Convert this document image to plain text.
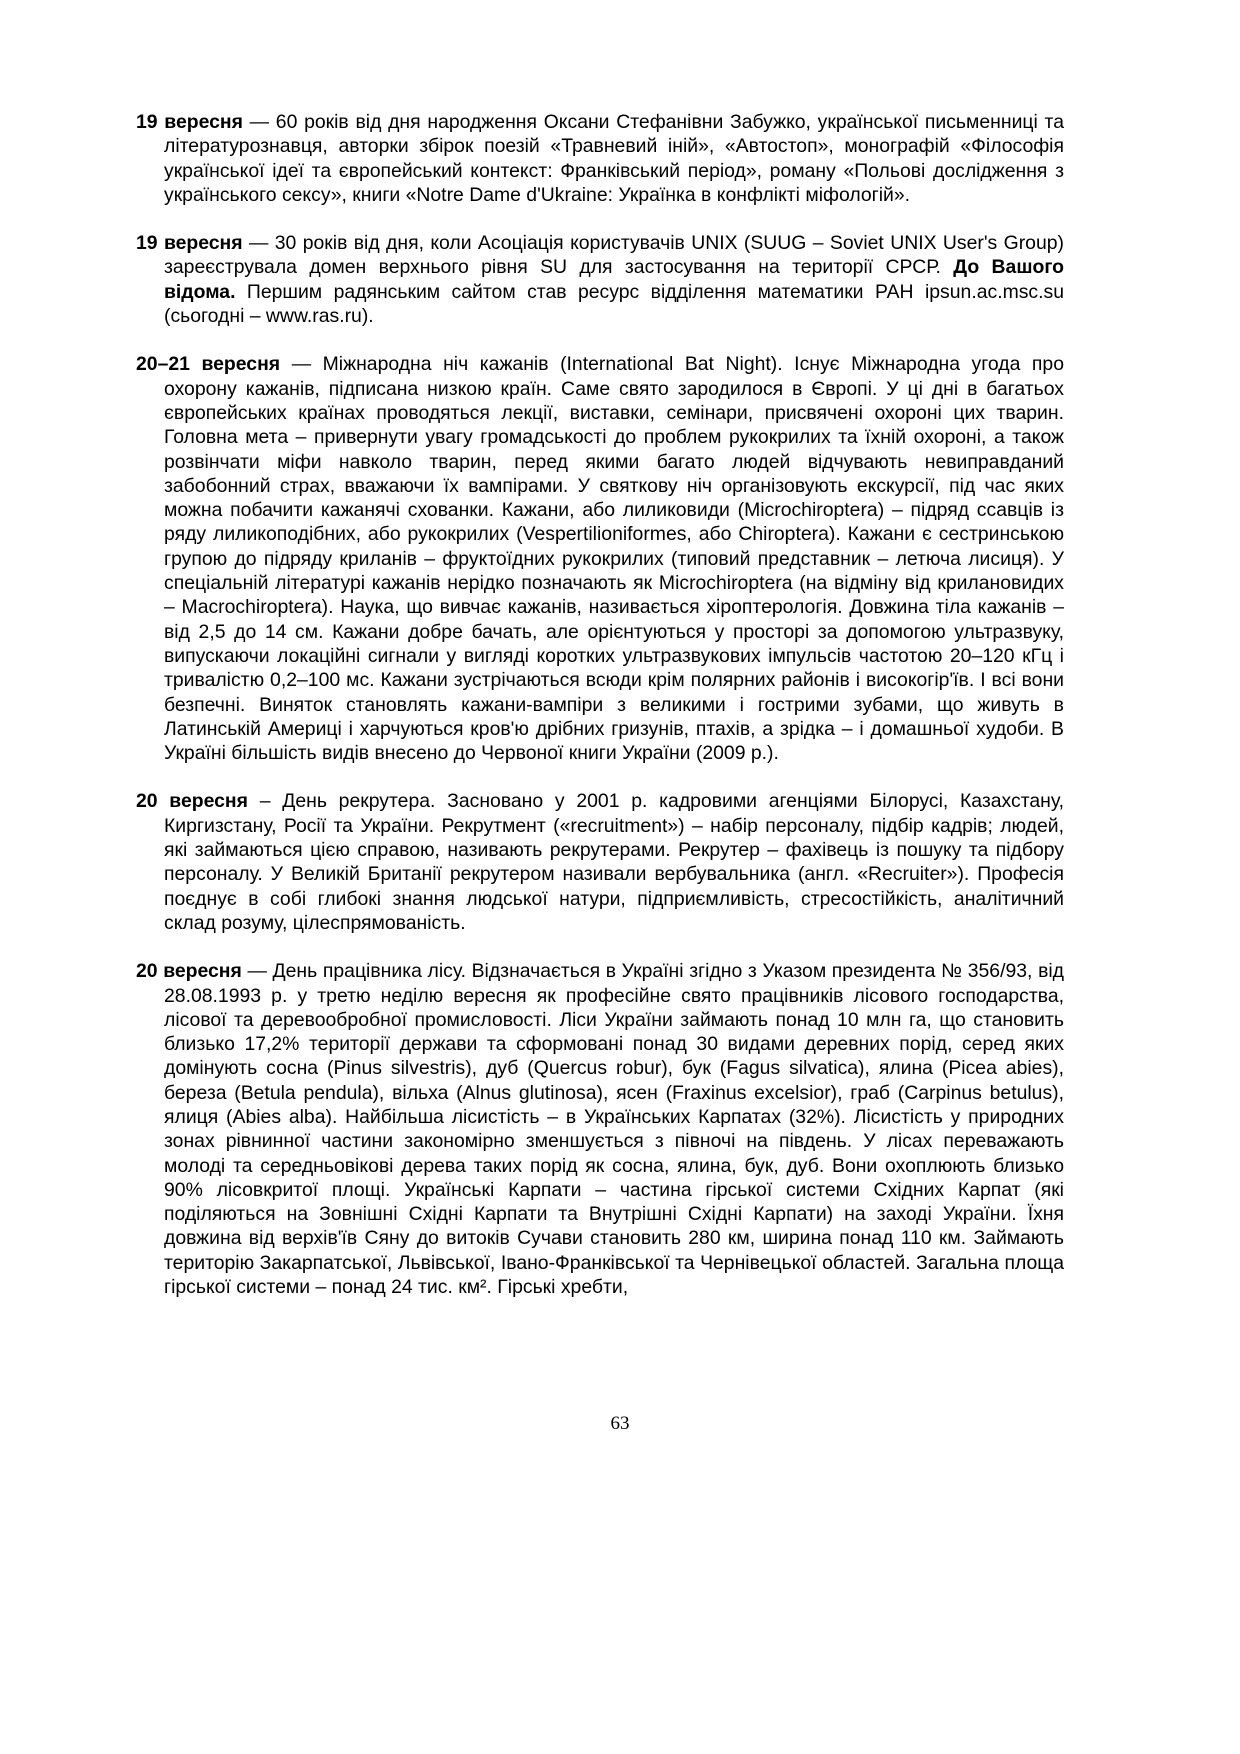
19 вересня — 60 років від дня народження Оксани Стефанівни Забужко, української письменниці та літературознавця, авторки збірок поезій «Травневий іній», «Автостоп», монографій «Філософія української ідеї та європейський контекст: Франківський період», роману «Польові дослідження з українського сексу», книги «Notre Dame d'Ukraine: Українка в конфлікті міфологій».

19 вересня — 30 років від дня, коли Асоціація користувачів UNIX (SUUG – Soviet UNIX User's Group) зареєструвала домен верхнього рівня SU для застосування на території СРСР. До Вашого відома. Першим радянським сайтом став ресурс відділення математики РАН ipsun.ac.msc.su (сьогодні – www.ras.ru).

20–21 вересня — Міжнародна ніч кажанів (International Bat Night). Існує Міжнародна угода про охорону кажанів, підписана низкою країн. Саме свято зародилося в Європі. У ці дні в багатьох європейських країнах проводяться лекції, виставки, семінари, присвячені охороні цих тварин. Головна мета – привернути увагу громадськості до проблем рукокрилих та їхній охороні, а також розвінчати міфи навколо тварин, перед якими багато людей відчувають невиправданий забобонний страх, вважаючи їх вампірами. У святкову ніч організовують екскурсії, під час яких можна побачити кажанячі схованки. Кажани, або лиликовиди (Microchiroptera) – підряд ссавців із ряду лиликоподібних, або рукокрилих (Vespertilioniformes, або Chiroptera). Кажани є сестринською групою до підряду криланів – фруктоїдних рукокрилих (типовий представник – летюча лисиця). У спеціальній літературі кажанів нерідко позначають як Microchiroptera (на відміну від крилановидих – Macrochiroptera). Наука, що вивчає кажанів, називається хіроптерологія. Довжина тіла кажанів – від 2,5 до 14 см. Кажани добре бачать, але орієнтуються у просторі за допомогою ультразвуку, випускаючи локаційні сигнали у вигляді коротких ультразвукових імпульсів частотою 20–120 кГц і тривалістю 0,2–100 мс. Кажани зустрічаються всюди крім полярних районів і високогір'їв. І всі вони безпечні. Виняток становлять кажани-вампіри з великими і гострими зубами, що живуть в Латинській Америці і харчуються кров'ю дрібних гризунів, птахів, а зрідка – і домашньої худоби. В Україні більшість видів внесено до Червоної книги України (2009 р.).

20 вересня – День рекрутера. Засновано у 2001 р. кадровими агенціями Білорусі, Казахстану, Киргизстану, Росії та України. Рекрутмент («recruitment») – набір персоналу, підбір кадрів; людей, які займаються цією справою, називають рекрутерами. Рекрутер – фахівець із пошуку та підбору персоналу. У Великій Британії рекрутером називали вербувальника (англ. «Recruiter»). Професія поєднує в собі глибокі знання людської натури, підприємливість, стресостійкість, аналітичний склад розуму, цілеспрямованість.

20 вересня — День працівника лісу. Відзначається в Україні згідно з Указом президента № 356/93, від 28.08.1993 р. у третю неділю вересня як професійне свято працівників лісового господарства, лісової та деревообробної промисловості. Ліси України займають понад 10 млн га, що становить близько 17,2% території держави та сформовані понад 30 видами деревних порід, серед яких домінують сосна (Pinus silvestris), дуб (Quercus robur), бук (Fagus silvatica), ялина (Picea abies), береза (Betula pendula), вільха (Alnus glutinosa), ясен (Fraxinus excelsior), граб (Carpinus betulus), ялиця (Abies alba). Найбільша лісистість – в Українських Карпатах (32%). Лісистість у природних зонах рівнинної частини закономірно зменшується з півночі на південь. У лісах переважають молоді та середньовікові дерева таких порід як сосна, ялина, бук, дуб. Вони охоплюють близько 90% лісовкритої площі. Українські Карпати – частина гірської системи Східних Карпат (які поділяються на Зовнішні Східні Карпати та Внутрішні Східні Карпати) на заході України. Їхня довжина від верхів'їв Сяну до витоків Сучави становить 280 км, ширина понад 110 км. Займають територію Закарпатської, Львівської, Івано-Франківської та Чернівецької областей. Загальна площа гірської системи – понад 24 тис. км². Гірські хребти,

63
